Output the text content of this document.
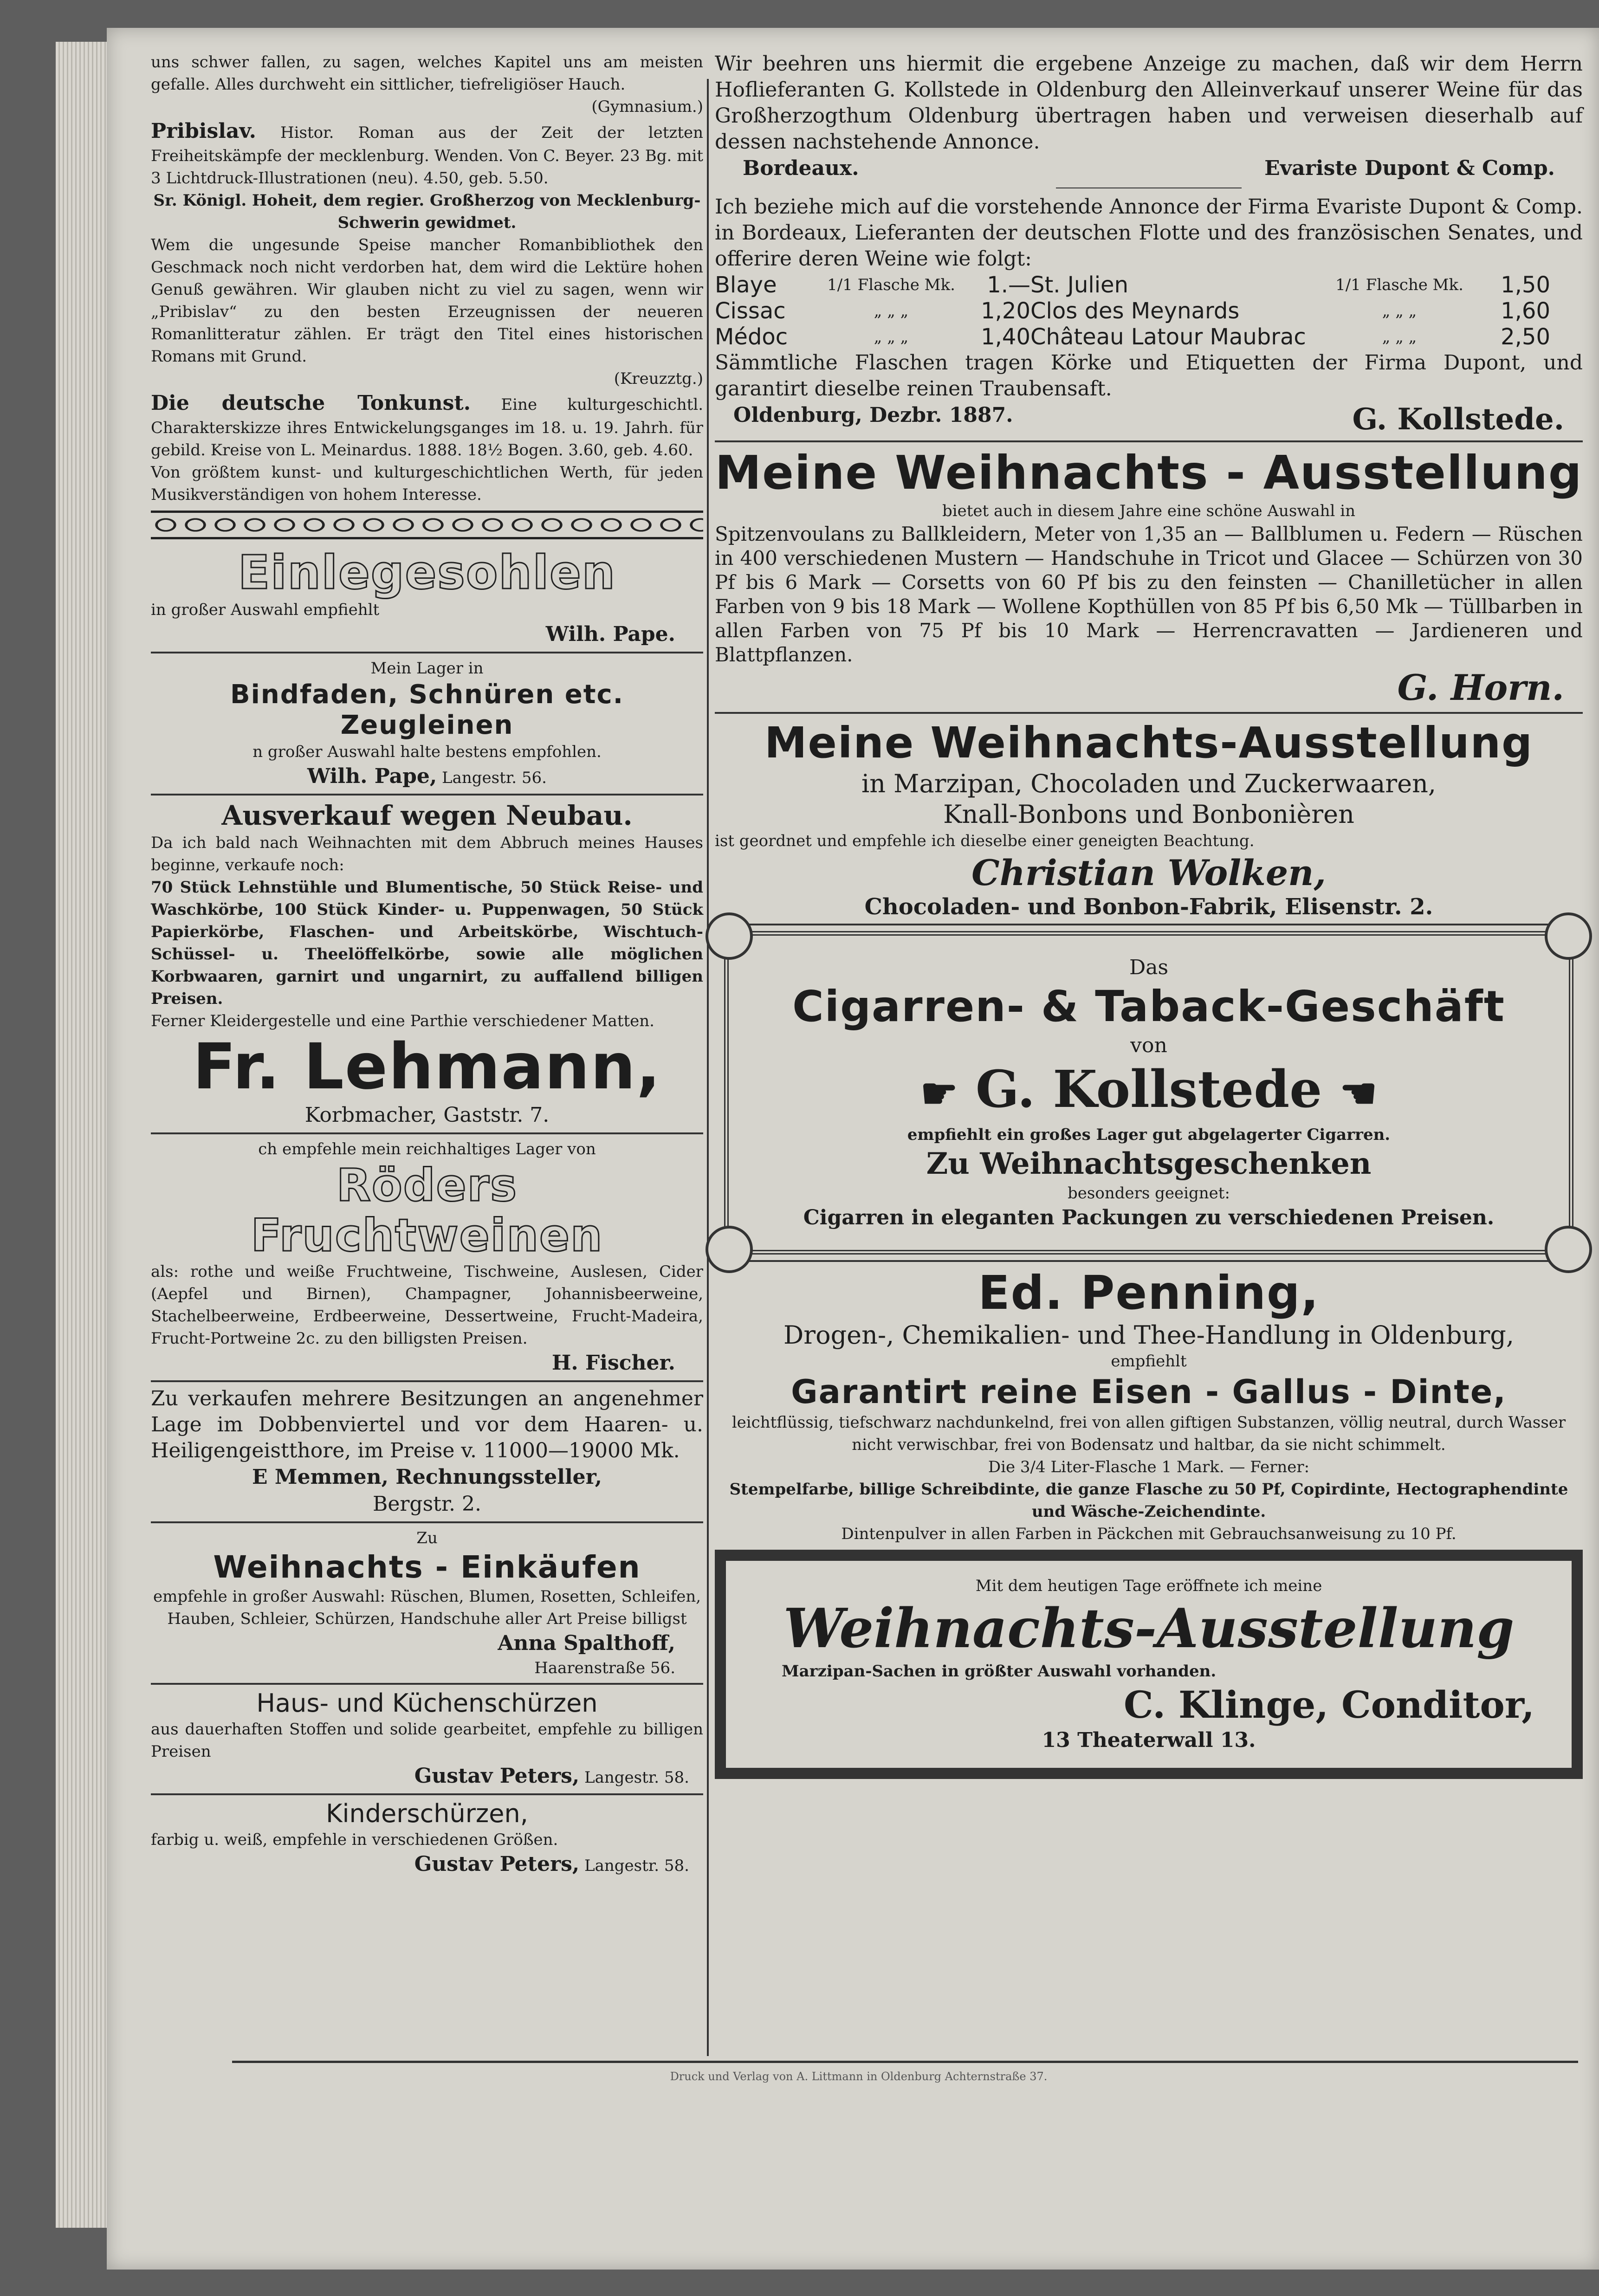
uns schwer fallen, zu sagen, welches Kapitel uns am meisten gefalle. Alles durchweht ein sittlicher, tiefreligiöser Hauch.

(Gymnasium.)

Pribislav. Histor. Roman aus der Zeit der letzten Freiheitskämpfe der mecklenburg. Wenden. Von C. Beyer. 23 Bg. mit 3 Lichtdruck-Illustrationen (neu). 4.50, geb. 5.50.

Sr. Königl. Hoheit, dem regier. Großherzog von Mecklenburg-Schwerin gewidmet.

Wem die ungesunde Speise mancher Romanbibliothek den Geschmack noch nicht verdorben hat, dem wird die Lektüre hohen Genuß gewähren. Wir glauben nicht zu viel zu sagen, wenn wir „Pribislav“ zu den besten Erzeugnissen der neueren Romanlitteratur zählen. Er trägt den Titel eines historischen Romans mit Grund.

(Kreuzztg.)

Die deutsche Tonkunst. Eine kulturgeschichtl. Charakterskizze ihres Entwickelungsganges im 18. u. 19. Jahrh. für gebild. Kreise von L. Meinardus. 1888. 18½ Bogen. 3.60, geb. 4.60.

Von größtem kunst- und kulturgeschichtlichen Werth, für jeden Musikverständigen von hohem Interesse.

Einlegesohlen

in großer Auswahl empfiehlt

Wilh. Pape.

Mein Lager in

Bindfaden, Schnüren etc.

Zeugleinen

n großer Auswahl halte bestens empfohlen.

Wilh. Pape, Langestr. 56.

Ausverkauf wegen Neubau.

Da ich bald nach Weihnachten mit dem Abbruch meines Hauses beginne, verkaufe noch:

70 Stück Lehnstühle und Blumentische, 50 Stück Reise- und Waschkörbe, 100 Stück Kinder- u. Puppenwagen, 50 Stück Papierkörbe, Flaschen- und Arbeitskörbe, Wischtuch-Schüssel- u. Theelöffelkörbe, sowie alle möglichen Korbwaaren, garnirt und ungarnirt, zu auffallend billigen Preisen.

Ferner Kleidergestelle und eine Parthie verschiedener Matten.

Fr. Lehmann,

Korbmacher, Gaststr. 7.

ch empfehle mein reichhaltiges Lager von

Röders

Fruchtweinen

als: rothe und weiße Fruchtweine, Tischweine, Auslesen, Cider (Aepfel und Birnen), Champagner, Johannisbeerweine, Stachelbeerweine, Erdbeerweine, Dessertweine, Frucht-Madeira, Frucht-Portweine 2c. zu den billigsten Preisen.

H. Fischer.

Zu verkaufen mehrere Besitzungen an angenehmer Lage im Dobbenviertel und vor dem Haaren- u. Heiligengeistthore, im Preise v. 11000—19000 Mk.

E Memmen, Rechnungssteller,

Bergstr. 2.

Zu

Weihnachts - Einkäufen

empfehle in großer Auswahl: Rüschen, Blumen, Rosetten, Schleifen, Hauben, Schleier, Schürzen, Handschuhe aller Art Preise billigst

Anna Spalthoff,

Haarenstraße 56.

Haus- und Küchenschürzen

aus dauerhaften Stoffen und solide gearbeitet, empfehle zu billigen Preisen

Gustav Peters, Langestr. 58.

Kinderschürzen,

farbig u. weiß, empfehle in verschiedenen Größen.

Gustav Peters, Langestr. 58.

Wir beehren uns hiermit die ergebene Anzeige zu machen, daß wir dem Herrn Hoflieferanten G. Kollstede in Oldenburg den Alleinverkauf unserer Weine für das Großherzogthum Oldenburg übertragen haben und verweisen dieserhalb auf dessen nachstehende Annonce.

Bordeaux.	Evariste Dupont & Comp.

Ich beziehe mich auf die vorstehende Annonce der Firma Evariste Dupont & Comp. in Bordeaux, Lieferanten der deutschen Flotte und des französischen Senates, und offerire deren Weine wie folgt:

Blaye	1/1 Flasche Mk.	1.— St. Julien	1/1 Flasche Mk.	1,50
Cissac	„ „ „	1,20 Clos des Meynards	„ „ „	1,60
Médoc	„ „ „	1,40 Château Latour Maubrac	„ „ „	2,50

Sämmtliche Flaschen tragen Körke und Etiquetten der Firma Dupont, und garantirt dieselbe reinen Traubensaft.

Oldenburg, Dezbr. 1887.	G. Kollstede.

Meine Weihnachts - Ausstellung

bietet auch in diesem Jahre eine schöne Auswahl in

Spitzenvoulans zu Ballkleidern, Meter von 1,35 an — Ballblumen u. Federn — Rüschen in 400 verschiedenen Mustern — Handschuhe in Tricot und Glacee — Schürzen von 30 Pf bis 6 Mark — Corsetts von 60 Pf bis zu den feinsten — Chanilletücher in allen Farben von 9 bis 18 Mark — Wollene Kopthüllen von 85 Pf bis 6,50 Mk — Tüllbarben in allen Farben von 75 Pf bis 10 Mark — Herrencravatten — Jardieneren und Blattpflanzen.

G. Horn.

Meine Weihnachts-Ausstellung

in Marzipan, Chocoladen und Zuckerwaaren,

Knall-Bonbons und Bonbonièren

ist geordnet und empfehle ich dieselbe einer geneigten Beachtung.

Christian Wolken,

Chocoladen- und Bonbon-Fabrik, Elisenstr. 2.

Das

Cigarren- & Taback-Geschäft

von

☛ G. Kollstede ☚

empfiehlt ein großes Lager gut abgelagerter Cigarren.

Zu Weihnachtsgeschenken

besonders geeignet:

Cigarren in eleganten Packungen zu verschiedenen Preisen.

Ed. Penning,

Drogen-, Chemikalien- und Thee-Handlung in Oldenburg,

empfiehlt

Garantirt reine Eisen - Gallus - Dinte,

leichtflüssig, tiefschwarz nachdunkelnd, frei von allen giftigen Substanzen, völlig neutral, durch Wasser nicht verwischbar, frei von Bodensatz und haltbar, da sie nicht schimmelt.

Die 3/4 Liter-Flasche 1 Mark. — Ferner:

Stempelfarbe, billige Schreibdinte, die ganze Flasche zu 50 Pf, Copirdinte, Hectographendinte und Wäsche-Zeichendinte.

Dintenpulver in allen Farben in Päckchen mit Gebrauchsanweisung zu 10 Pf.

Mit dem heutigen Tage eröffnete ich meine

Weihnachts-Ausstellung

Marzipan-Sachen in größter Auswahl vorhanden.

C. Klinge, Conditor,

13 Theaterwall 13.

Druck und Verlag von A. Littmann in Oldenburg Achternstraße 37.
